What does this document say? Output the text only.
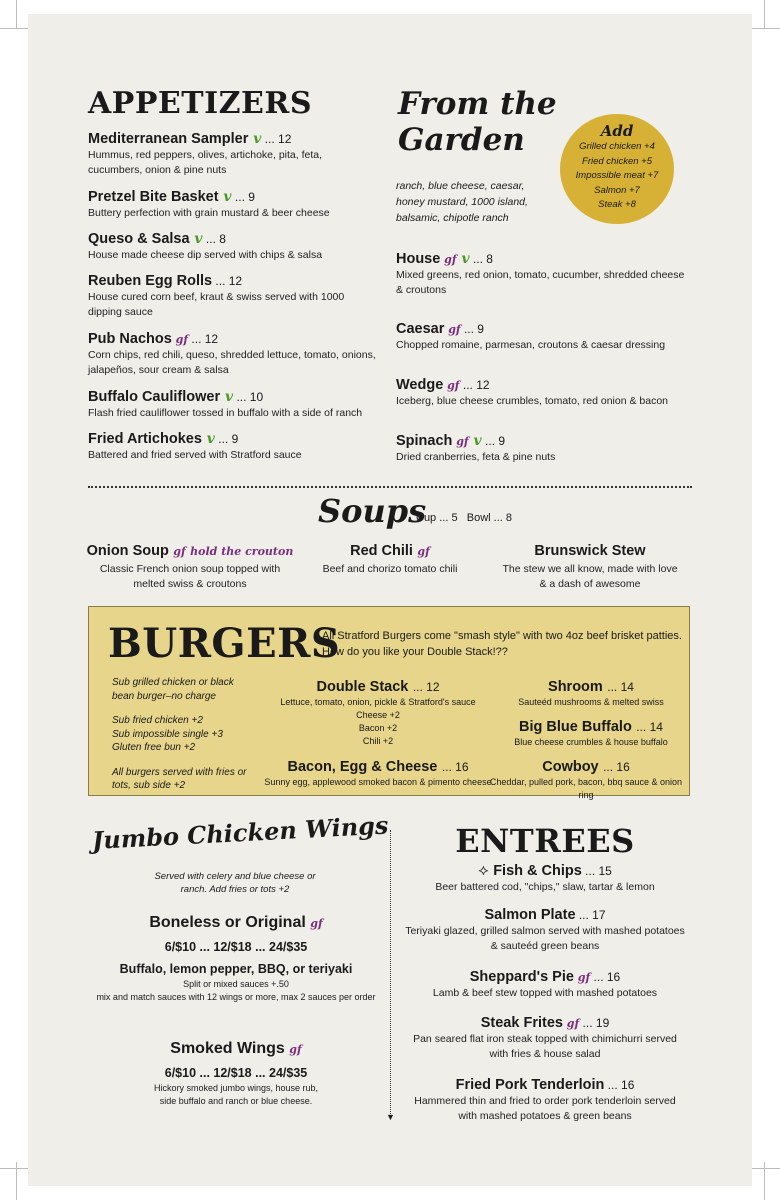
APPETIZERS
Mediterranean Sampler v ... 12
Hummus, red peppers, olives, artichoke, pita, feta, cucumbers, onion & pine nuts
Pretzel Bite Basket v ... 9
Buttery perfection with grain mustard & beer cheese
Queso & Salsa v ... 8
House made cheese dip served with chips & salsa
Reuben Egg Rolls ... 12
House cured corn beef, kraut & swiss served with 1000 dipping sauce
Pub Nachos gf ... 12
Corn chips, red chili, queso, shredded lettuce, tomato, onions, jalapeños, sour cream & salsa
Buffalo Cauliflower v ... 10
Flash fried cauliflower tossed in buffalo with a side of ranch
Fried Artichokes v ... 9
Battered and fried served with Stratford sauce
From the
Garden
ranch, blue cheese, caesar, honey mustard, 1000 island, balsamic, chipotle ranch
Add
Grilled chicken +4
Fried chicken +5
Impossible meat +7
Salmon +7
Steak +8
House gf v ... 8
Mixed greens, red onion, tomato, cucumber, shredded cheese & croutons
Caesar gf ... 9
Chopped romaine, parmesan, croutons & caesar dressing
Wedge gf ... 12
Iceberg, blue cheese crumbles, tomato, red onion & bacon
Spinach gf v ... 9
Dried cranberries, feta & pine nuts
Soups
Cup ... 5   Bowl ... 8
Onion Soup gf hold the crouton
Classic French onion soup topped with melted swiss & croutons
Red Chili gf
Beef and chorizo tomato chili
Brunswick Stew
The stew we all know, made with love & a dash of awesome
BURGERS
All Stratford Burgers come "smash style" with two 4oz beef brisket patties. How do you like your Double Stack!??
Sub grilled chicken or black bean burger–no charge
Sub fried chicken +2
Sub impossible single +3
Gluten free bun +2
All burgers served with fries or tots, sub side +2
Double Stack ... 12
Lettuce, tomato, onion, pickle & Stratford's sauce
Cheese +2
Bacon +2
Chili +2
Shroom ... 14
Sauteéd mushrooms & melted swiss
Big Blue Buffalo ... 14
Blue cheese crumbles & house buffalo
Bacon, Egg & Cheese ... 16
Sunny egg, applewood smoked bacon & pimento cheese
Cowboy ... 16
Cheddar, pulled pork, bacon, bbq sauce & onion ring
Jumbo Chicken Wings
Served with celery and blue cheese or ranch. Add fries or tots +2
Boneless or Original gf
6/$10 ... 12/$18 ... 24/$35
Buffalo, lemon pepper, BBQ, or teriyaki
Split or mixed sauces +.50
mix and match sauces with 12 wings or more, max 2 sauces per order
Smoked Wings gf
6/$10 ... 12/$18 ... 24/$35
Hickory smoked jumbo wings, house rub, side buffalo and ranch or blue cheese.
▼
ENTREES
⟡ Fish & Chips ... 15
Beer battered cod, "chips," slaw, tartar & lemon
Salmon Plate ... 17
Teriyaki glazed, grilled salmon served with mashed potatoes & sauteéd green beans
Sheppard's Pie gf ... 16
Lamb & beef stew topped with mashed potatoes
Steak Frites gf ... 19
Pan seared flat iron steak topped with chimichurri served with fries & house salad
Fried Pork Tenderloin ... 16
Hammered thin and fried to order pork tenderloin served with mashed potatoes & green beans
